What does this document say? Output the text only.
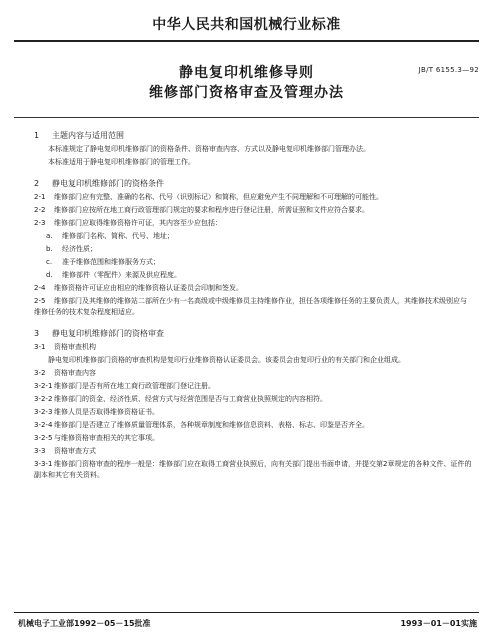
中华人民共和国机械行业标准
静电复印机维修导则
维修部门资格审查及管理办法
JB/T 6155.3—92

1 主题内容与适用范围

本标准规定了静电复印机维修部门的资格条件、资格审查内容、方式以及静电复印机维修部门管理办法。

本标准适用于静电复印机维修部门的管理工作。

2 静电复印机维修部门的资格条件

2-1 维修部门应有完整、准确的名称、代号（识别标记）和简称，但应避免产生不同理解和不可理解的可能性。

2-2 维修部门应按所在地工商行政管理部门规定的要求和程序进行登记注册，所需证照和文件应符合要求。

2-3 维修部门应取得维修资格许可证，其内容至少应包括：

a. 维修部门名称、简称、代号、地址；

b. 经济性质；

c. 准予维修范围和维修服务方式；

d. 维修部件（零配件）来源及供应程度。

2-4 维修资格许可证应由相应的维修资格认证委员会印制和签发。

2-5 维修部门及其维修的维修站二部所在少有一名高级或中级维修员主持维修作业，担任各项维修任务的主要负责人，其维修技术级别应与维修任务的技术复杂程度相适应。

3 静电复印机维修部门的资格审查

3-1 资格审查机构

静电复印机维修部门资格的审查机构是复印行业维修资格认证委员会。该委员会由复印行业的有关部门和企业组成。

3-2 资格审查内容

3-2-1 维修部门是否有所在地工商行政管理部门登记注册。

3-2-2 维修部门的资金、经济性质、经营方式与经营范围是否与工商营业执照规定的内容相符。

3-2-3 维修人员是否取得维修资格证书。

3-2-4 维修部门是否建立了维修质量管理体系，各种规章制度和维修信息资料、表格、标志、印鉴是否齐全。

3-2-5 与维修资格审查相关的其它事项。

3-3 资格审查方式

3-3-1 维修部门资格审查的程序一般是：维修部门应在取得工商营业执照后，向有关部门提出书面申请，并提交第2章规定的各种文件、证件的副本和其它有关资料。

机械电子工业部1992－05－15批准	1993－01－01实施
